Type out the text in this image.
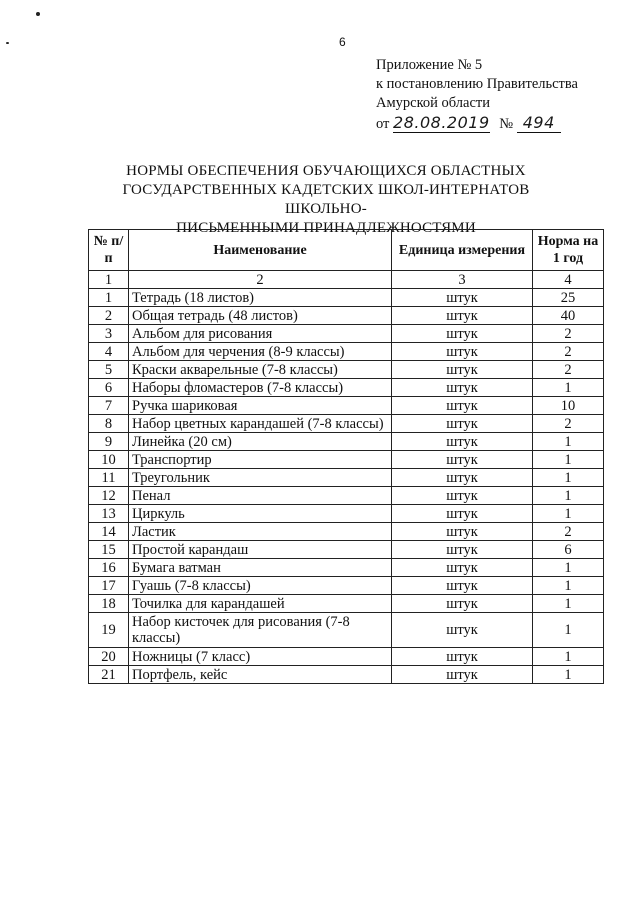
6
Приложение № 5
к постановлению Правительства
Амурской области
от 28.08.2019 № 494
НОРМЫ ОБЕСПЕЧЕНИЯ ОБУЧАЮЩИХСЯ ОБЛАСТНЫХ
ГОСУДАРСТВЕННЫХ КАДЕТСКИХ ШКОЛ-ИНТЕРНАТОВ ШКОЛЬНО-
ПИСЬМЕННЫМИ ПРИНАДЛЕЖНОСТЯМИ
№ п/п	Наименование	Единица измерения	Норма на 1 год
1	2	3	4
1	Тетрадь (18 листов)	штук	25
2	Общая тетрадь (48 листов)	штук	40
3	Альбом для рисования	штук	2
4	Альбом для черчения (8-9 классы)	штук	2
5	Краски акварельные (7-8 классы)	штук	2
6	Наборы фломастеров (7-8 классы)	штук	1
7	Ручка шариковая	штук	10
8	Набор цветных карандашей (7-8 классы)	штук	2
9	Линейка (20 см)	штук	1
10	Транспортир	штук	1
11	Треугольник	штук	1
12	Пенал	штук	1
13	Циркуль	штук	1
14	Ластик	штук	2
15	Простой карандаш	штук	6
16	Бумага ватман	штук	1
17	Гуашь (7-8 классы)	штук	1
18	Точилка для карандашей	штук	1
19	Набор кисточек для рисования (7-8 классы)	штук	1
20	Ножницы (7 класс)	штук	1
21	Портфель, кейс	штук	1
